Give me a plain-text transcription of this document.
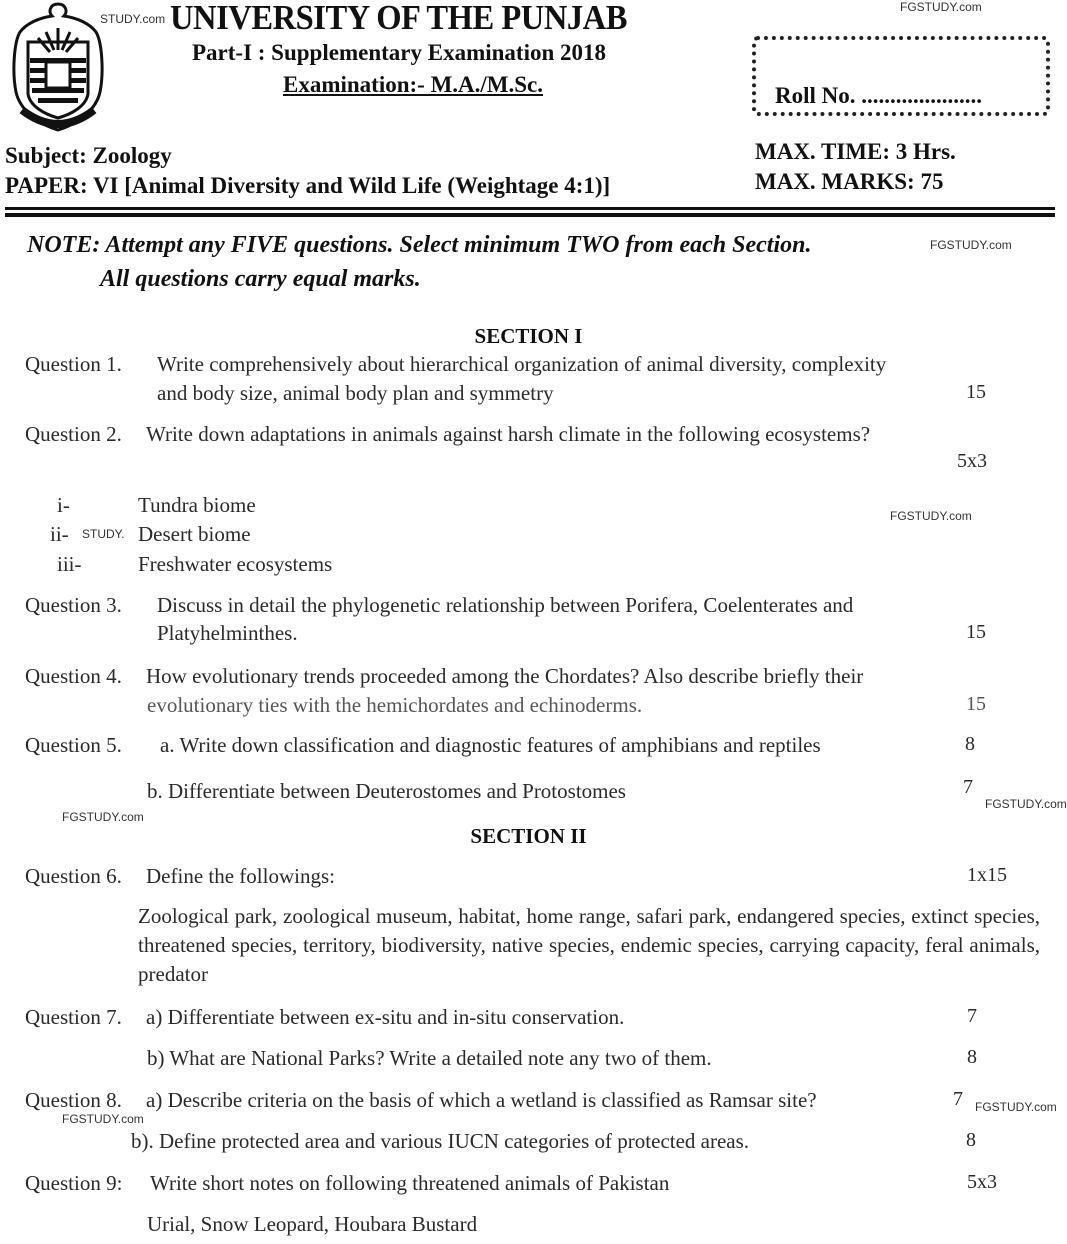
STUDY.com UNIVERSITY OF THE PUNJAB	FGSTUDY.com
Part-I : Supplementary Examination 2018
Examination:- M.A./M.Sc.	Roll No. .....................
Subject: Zoology
PAPER: VI [Animal Diversity and Wild Life (Weightage 4:1)]
MAX. TIME: 3 Hrs.
MAX. MARKS: 75
NOTE: Attempt any FIVE questions. Select minimum TWO from each Section.	FGSTUDY.com
All questions carry equal marks.
SECTION I
Question 1. Write comprehensively about hierarchical organization of animal diversity, complexity
and body size, animal body plan and symmetry	15
Question 2. Write down adaptations in animals against harsh climate in the following ecosystems?
5x3
i-	Tundra biome	FGSTUDY.com
ii- STUDY. Desert biome
iii-	Freshwater ecosystems
Question 3. Discuss in detail the phylogenetic relationship between Porifera, Coelenterates and
Platyhelminthes.	15
Question 4. How evolutionary trends proceeded among the Chordates? Also describe briefly their
evolutionary ties with the hemichordates and echinoderms.	15
Question 5. a. Write down classification and diagnostic features of amphibians and reptiles	8
b. Differentiate between Deuterostomes and Protostomes	7
FGSTUDY.com
FGSTUDY.com
SECTION II
Question 6. Define the followings:	1x15
Zoological park, zoological museum, habitat, home range, safari park, endangered species, extinct species, threatened species, territory, biodiversity, native species, endemic species, carrying capacity, feral animals, predator
Question 7. a) Differentiate between ex-situ and in-situ conservation.	7
b) What are National Parks? Write a detailed note any two of them.	8
Question 8. a) Describe criteria on the basis of which a wetland is classified as Ramsar site?	7 FGSTUDY.com
FGSTUDY.com
b). Define protected area and various IUCN categories of protected areas.	8
Question 9: Write short notes on following threatened animals of Pakistan	5x3
Urial, Snow Leopard, Houbara Bustard
